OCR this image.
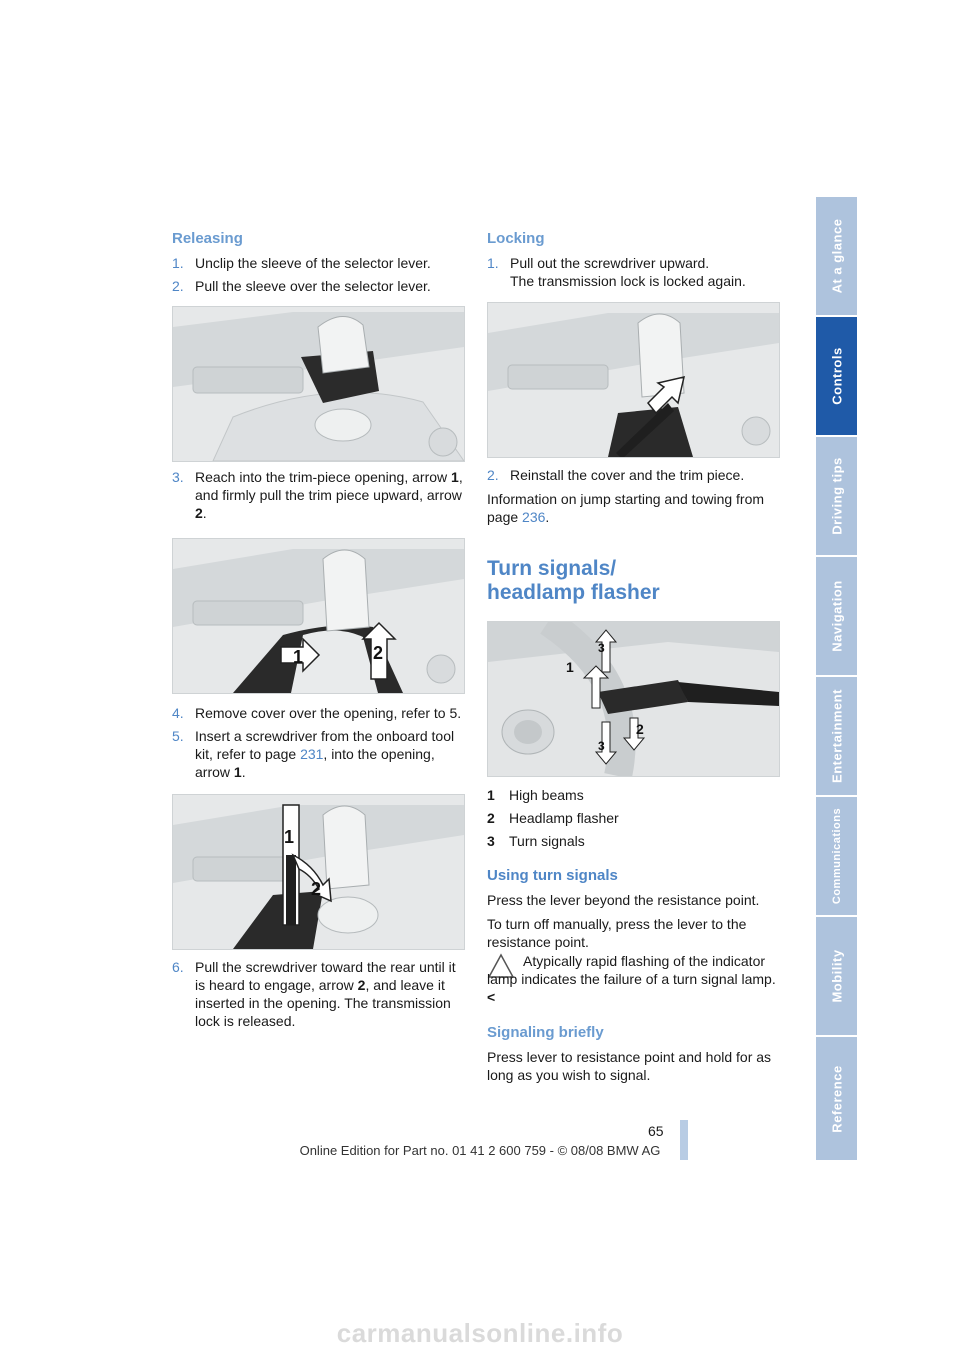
Releasing
1. Unclip the sleeve of the selector lever.
2. Pull the sleeve over the selector lever.
3. Reach into the trim-piece opening, arrow 1, and firmly pull the trim piece upward, arrow 2.
1	2
4. Remove cover over the opening, refer to 5.
5. Insert a screwdriver from the onboard tool kit, refer to page 231, into the opening, arrow 1.
1
2
6. Pull the screwdriver toward the rear until it is heard to engage, arrow 2, and leave it inserted in the opening. The transmission lock is released.
Locking
1. Pull out the screwdriver upward.
The transmission lock is locked again.
2. Reinstall the cover and the trim piece.
Information on jump starting and towing from page 236.
Turn signals/
headlamp flasher
1
2
3
3
1 High beams
2 Headlamp flasher
3 Turn signals
Using turn signals
Press the lever beyond the resistance point.
To turn off manually, press the lever to the resistance point.
Atypically rapid flashing of the indicator lamp indicates the failure of a turn signal lamp.<
Signaling briefly
Press lever to resistance point and hold for as long as you wish to signal.
At a glance
Controls
Driving tips
Navigation
Entertainment
Communications
Mobility
Reference
65
Online Edition for Part no. 01 41 2 600 759 - © 08/08 BMW AG
carmanualsonline.info
